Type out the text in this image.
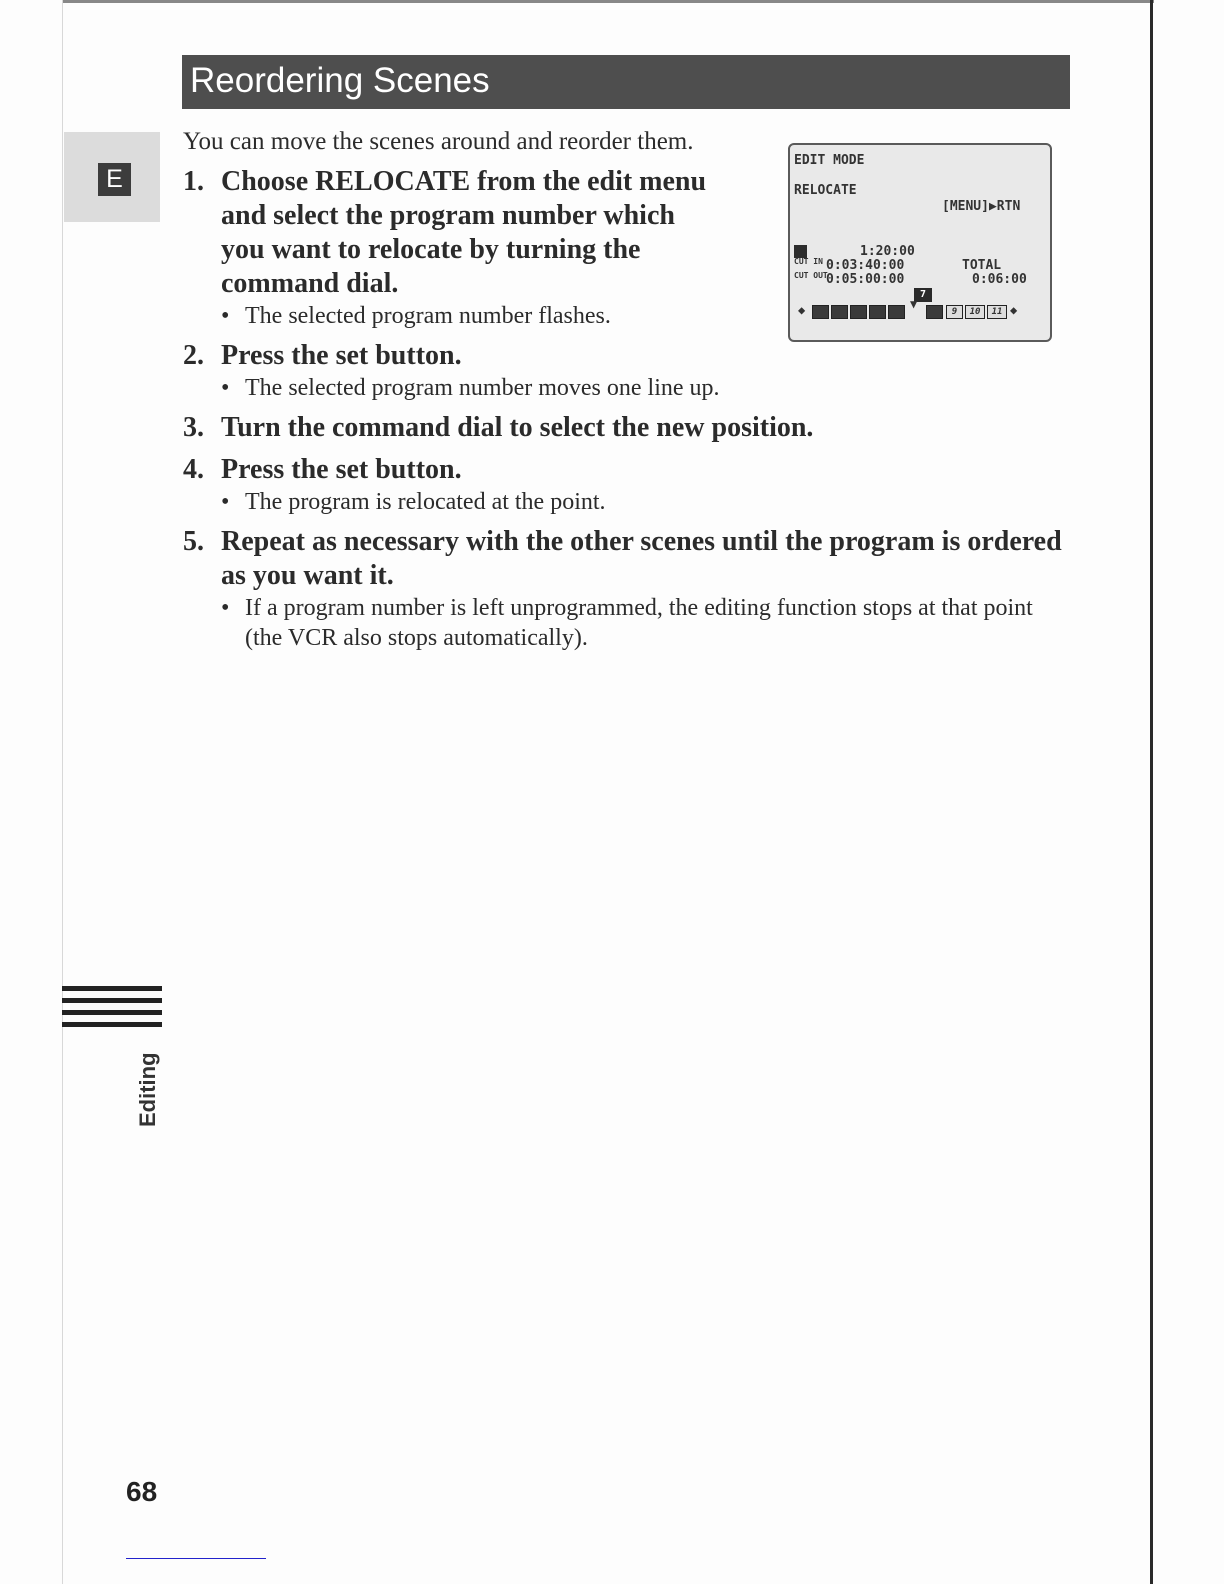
Reordering Scenes
E
EDIT MODE
RELOCATE
[MENU]▶RTN
1:20:00
CUT IN 0:03:40:00
CUT OUT
0:05:00:00
TOTAL
0:06:00
7
◆	▼
9	10	11 ◆

You can move the scenes around and reorder them.

1. Choose RELOCATE from the edit menu and select the program number which you want to relocate by turning the command dial.

• The selected program number flashes.

2. Press the set button.

• The selected program number moves one line up.

3. Turn the command dial to select the new position.

4. Press the set button.

• The program is relocated at the point.

5. Repeat as necessary with the other scenes until the program is ordered as you want it.

• If a program number is left unprogrammed, the editing function stops at that point (the VCR also stops automatically).

Editing
68
